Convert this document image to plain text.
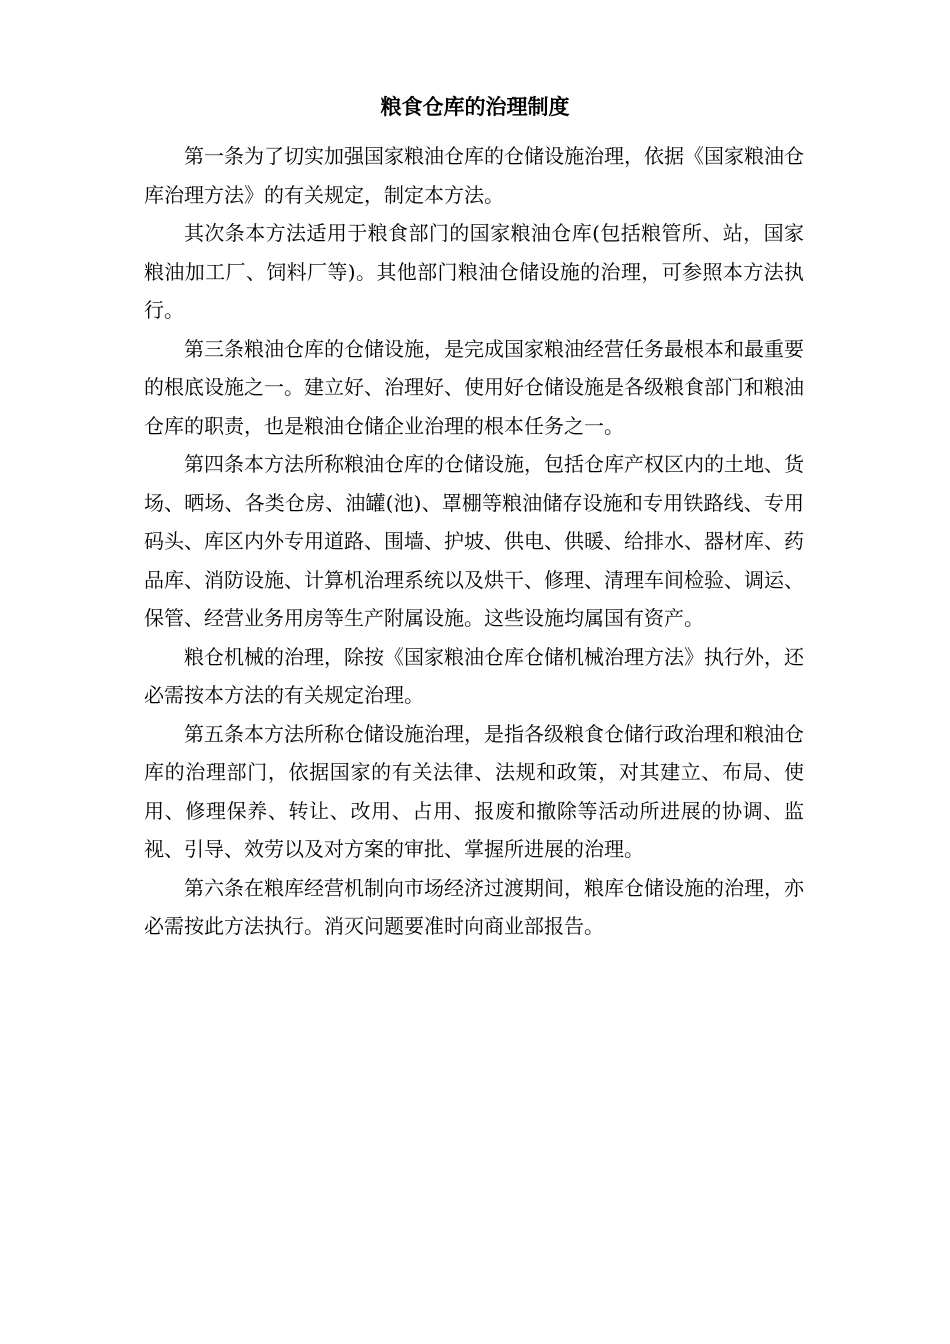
粮食仓库的治理制度

第一条为了切实加强国家粮油仓库的仓储设施治理，依据《国家粮油仓库治理方法》的有关规定，制定本方法。

其次条本方法适用于粮食部门的国家粮油仓库(包括粮管所、站，国家粮油加工厂、饲料厂等)。其他部门粮油仓储设施的治理，可参照本方法执行。

第三条粮油仓库的仓储设施，是完成国家粮油经营任务最根本和最重要的根底设施之一。建立好、治理好、使用好仓储设施是各级粮食部门和粮油仓库的职责，也是粮油仓储企业治理的根本任务之一。

第四条本方法所称粮油仓库的仓储设施，包括仓库产权区内的土地、货场、晒场、各类仓房、油罐(池)、罩棚等粮油储存设施和专用铁路线、专用码头、库区内外专用道路、围墙、护坡、供电、供暖、给排水、器材库、药品库、消防设施、计算机治理系统以及烘干、修理、清理车间检验、调运、保管、经营业务用房等生产附属设施。这些设施均属国有资产。

粮仓机械的治理，除按《国家粮油仓库仓储机械治理方法》执行外，还必需按本方法的有关规定治理。

第五条本方法所称仓储设施治理，是指各级粮食仓储行政治理和粮油仓库的治理部门，依据国家的有关法律、法规和政策，对其建立、布局、使用、修理保养、转让、改用、占用、报废和撤除等活动所进展的协调、监视、引导、效劳以及对方案的审批、掌握所进展的治理。

第六条在粮库经营机制向市场经济过渡期间，粮库仓储设施的治理，亦必需按此方法执行。消灭问题要准时向商业部报告。
